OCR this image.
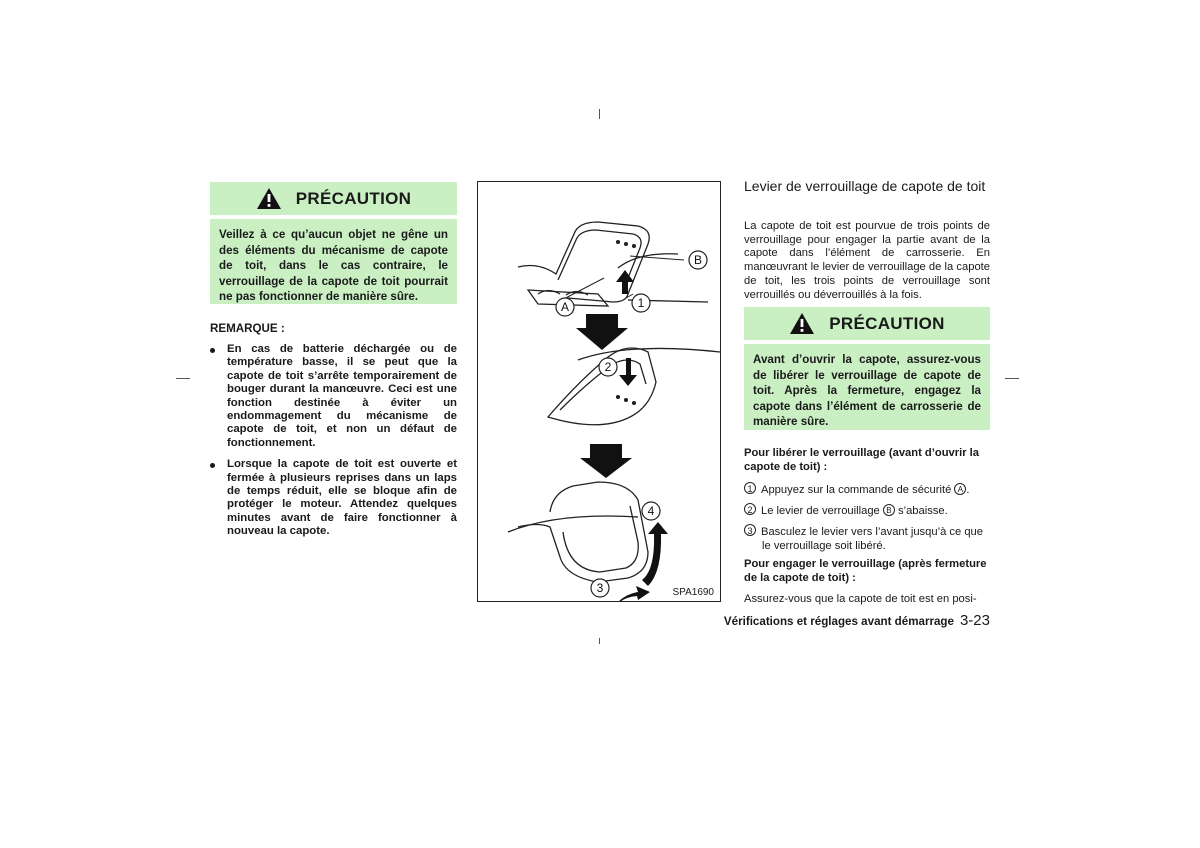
PRÉCAUTION
Veillez à ce qu’aucun objet ne gêne un des éléments du mécanisme de capote de toit, dans le cas contraire, le verrouillage de la capote de toit pourrait ne pas fonctionner de manière sûre.
REMARQUE :
En cas de batterie déchargée ou de température basse, il se peut que la capote de toit s’arrête temporairement de bouger durant la manœuvre. Ceci est une fonction destinée à éviter un endommagement du mécanisme de capote de toit, et non un défaut de fonctionnement.
Lorsque la capote de toit est ouverte et fermée à plusieurs reprises dans un laps de temps réduit, elle se bloque afin de protéger le moteur. Attendez quelques minutes avant de faire fonctionner à nouveau la capote.
B
A	1
2
3
4
SPA1690
Levier de verrouillage de capote de toit
La capote de toit est pourvue de trois points de verrouillage pour engager la partie avant de la capote dans l’élément de carrosserie. En manœuvrant le levier de verrouillage de la capote de toit, les trois points de verrouillage sont verrouillés ou déverrouillés à la fois.
PRÉCAUTION
Avant d’ouvrir la capote, assurez-vous de libérer le verrouillage de capote de toit. Après la fermeture, engagez la capote dans l’élément de carrosserie de manière sûre.
Pour libérer le verrouillage (avant d’ouvrir la capote de toit) :
1 Appuyez sur la commande de sécurité A .
2 Le levier de verrouillage B s’abaisse.
3 Basculez le levier vers l’avant jusqu’à ce que
le verrouillage soit libéré.
Pour engager le verrouillage (après fermeture de la capote de toit) :
Assurez-vous que la capote de toit est en posi-
Vérifications et réglages avant démarrage 3-23
